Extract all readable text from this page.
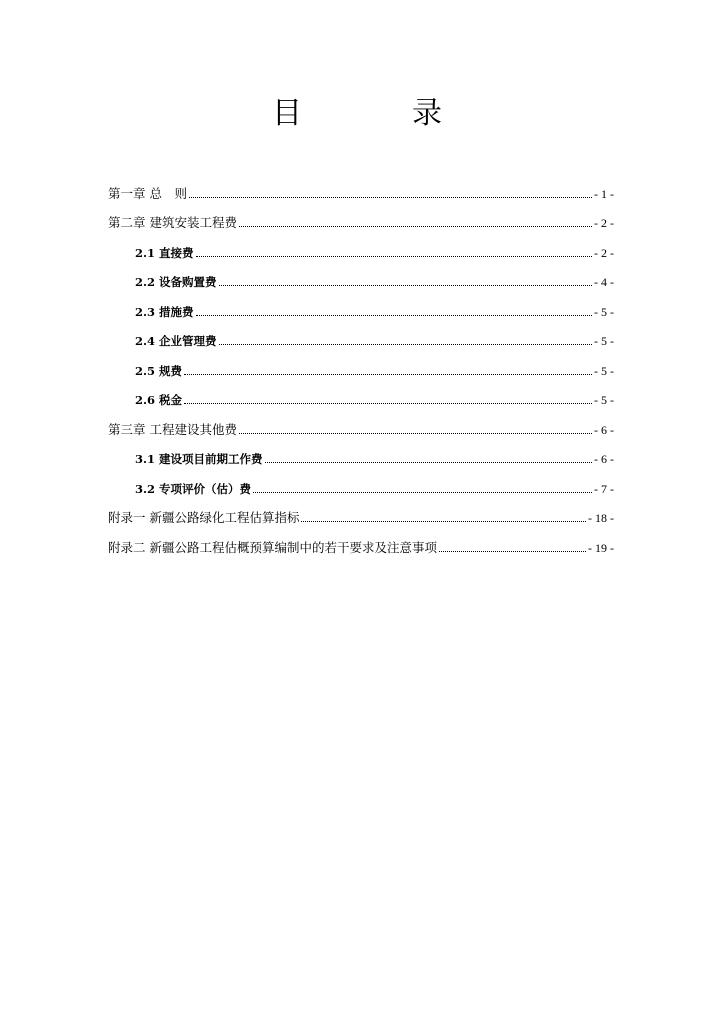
目　录
第一章 总　则	- 1 -
第二章 建筑安装工程费	- 2 -
2.1 直接费	- 2 -
2.2 设备购置费	- 4 -
2.3 措施费	- 5 -
2.4 企业管理费	- 5 -
2.5 规费	- 5 -
2.6 税金	- 5 -
第三章 工程建设其他费	- 6 -
3.1 建设项目前期工作费	- 6 -
3.2 专项评价（估）费	- 7 -
附录一 新疆公路绿化工程估算指标	- 18 -
附录二 新疆公路工程估概预算编制中的若干要求及注意事项	- 19 -
